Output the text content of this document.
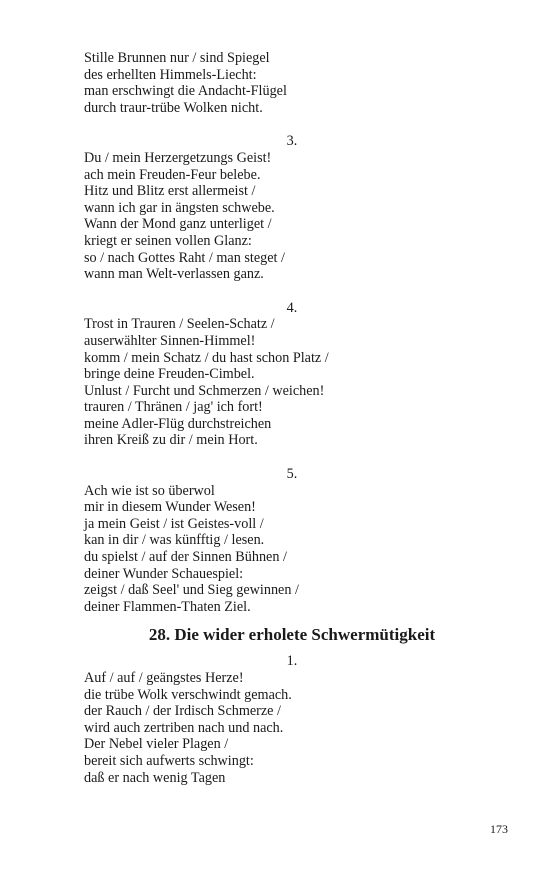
Stille Brunnen nur / sind Spiegel
des erhellten Himmels-Liecht:
man erschwingt die Andacht-Flügel
durch traur-trübe Wolken nicht.
3.
Du / mein Herzergetzungs Geist!
ach mein Freuden-Feur belebe.
Hitz und Blitz erst allermeist /
wann ich gar in ängsten schwebe.
Wann der Mond ganz unterliget /
kriegt er seinen vollen Glanz:
so / nach Gottes Raht / man steget /
wann man Welt-verlassen ganz.
4.
Trost in Trauren / Seelen-Schatz /
auserwählter Sinnen-Himmel!
komm / mein Schatz / du hast schon Platz /
bringe deine Freuden-Cimbel.
Unlust / Furcht und Schmerzen / weichen!
trauren / Thränen / jag' ich fort!
meine Adler-Flüg durchstreichen
ihren Kreiß zu dir / mein Hort.
5.
Ach wie ist so überwol
mir in diesem Wunder Wesen!
ja mein Geist / ist Geistes-voll /
kan in dir / was künfftig / lesen.
du spielst / auf der Sinnen Bühnen /
deiner Wunder Schauespiel:
zeigst / daß Seel' und Sieg gewinnen /
deiner Flammen-Thaten Ziel.
28. Die wider erholete Schwermütigkeit
1.
Auf / auf / geängstes Herze!
die trübe Wolk verschwindt gemach.
der Rauch / der Irdisch Schmerze /
wird auch zertriben nach und nach.
Der Nebel vieler Plagen /
bereit sich aufwerts schwingt:
daß er nach wenig Tagen
173
